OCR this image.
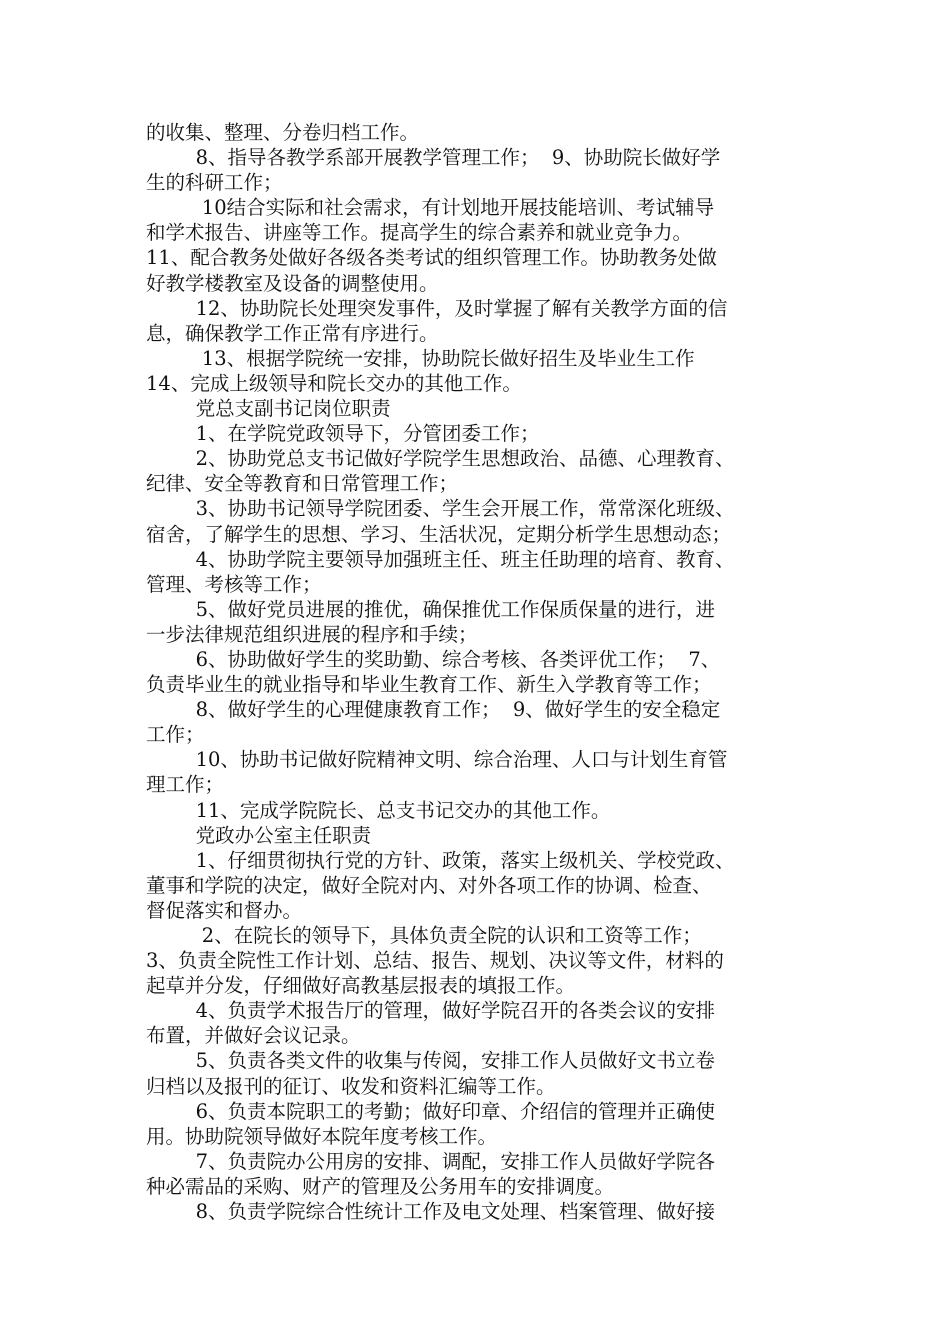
的收集、整理、分卷归档工作。
8、指导各教学系部开展教学管理工作；  9、协助院长做好学
生的科研工作；
10结合实际和社会需求，有计划地开展技能培训、考试辅导
和学术报告、讲座等工作。提高学生的综合素养和就业竞争力。
11、配合教务处做好各级各类考试的组织管理工作。协助教务处做
好教学楼教室及设备的调整使用。
12、协助院长处理突发事件，及时掌握了解有关教学方面的信
息，确保教学工作正常有序进行。
13、根据学院统一安排，协助院长做好招生及毕业生工作
14、完成上级领导和院长交办的其他工作。
党总支副书记岗位职责
1、在学院党政领导下，分管团委工作；
2、协助党总支书记做好学院学生思想政治、品德、心理教育、
纪律、安全等教育和日常管理工作；
3、协助书记领导学院团委、学生会开展工作，常常深化班级、
宿舍，了解学生的思想、学习、生活状况，定期分析学生思想动态；
4、协助学院主要领导加强班主任、班主任助理的培育、教育、
管理、考核等工作；
5、做好党员进展的推优，确保推优工作保质保量的进行，进
一步法律规范组织进展的程序和手续；
6、协助做好学生的奖助勤、综合考核、各类评优工作；  7、
负责毕业生的就业指导和毕业生教育工作、新生入学教育等工作；
8、做好学生的心理健康教育工作；  9、做好学生的安全稳定
工作；
10、协助书记做好院精神文明、综合治理、人口与计划生育管
理工作；
11、完成学院院长、总支书记交办的其他工作。
党政办公室主任职责
1、仔细贯彻执行党的方针、政策，落实上级机关、学校党政、
董事和学院的决定，做好全院对内、对外各项工作的协调、检查、
督促落实和督办。
2、在院长的领导下，具体负责全院的认识和工资等工作；
3、负责全院性工作计划、总结、报告、规划、决议等文件，材料的
起草并分发，仔细做好高教基层报表的填报工作。
4、负责学术报告厅的管理，做好学院召开的各类会议的安排
布置，并做好会议记录。
5、负责各类文件的收集与传阅，安排工作人员做好文书立卷
归档以及报刊的征订、收发和资料汇编等工作。
6、负责本院职工的考勤；做好印章、介绍信的管理并正确使
用。协助院领导做好本院年度考核工作。
7、负责院办公用房的安排、调配，安排工作人员做好学院各
种必需品的采购、财产的管理及公务用车的安排调度。
8、负责学院综合性统计工作及电文处理、档案管理、做好接
